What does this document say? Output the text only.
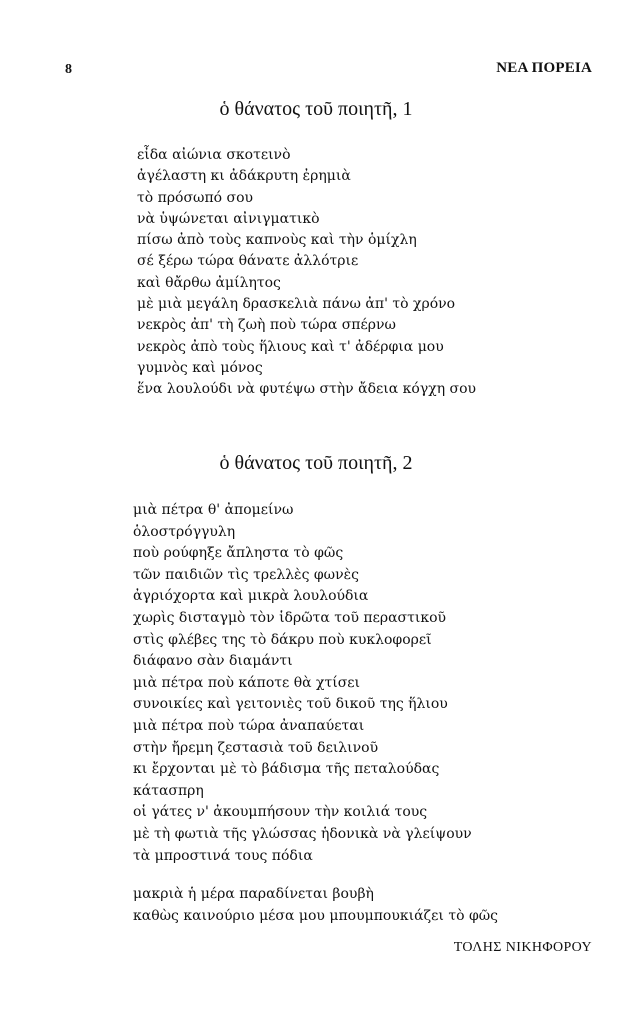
8	ΝΕΑ ΠΟΡΕΙΑ
ὁ θάνατος τοῦ ποιητῆ, 1
εἶδα αἰώνια σκοτεινὸ
ἀγέλαστη κι ἀδάκρυτη ἐρημιὰ
τὸ πρόσωπό σου
νὰ ὑψώνεται αἰνιγματικὸ
πίσω ἀπὸ τοὺς καπνοὺς καὶ τὴν ὁμίχλη
σέ ξέρω τώρα θάνατε ἀλλότριε
καὶ θἄρθω ἀμίλητος
μὲ μιὰ μεγάλη δρασκελιὰ πάνω ἀπ' τὸ χρόνο
νεκρὸς ἀπ' τὴ ζωὴ ποὺ τώρα σπέρνω
νεκρὸς ἀπὸ τοὺς ἥλιους καὶ τ' ἀδέρφια μου
γυμνὸς καὶ μόνος
ἕνα λουλούδι νὰ φυτέψω στὴν ἄδεια κόγχη σου
ὁ θάνατος τοῦ ποιητῆ, 2
μιὰ πέτρα θ' ἀπομείνω
ὁλοστρόγγυλη
ποὺ ρούφηξε ἄπληστα τὸ φῶς
τῶν παιδιῶν τὶς τρελλὲς φωνὲς
ἀγριόχορτα καὶ μικρὰ λουλούδια
χωρὶς δισταγμὸ τὸν ἱδρῶτα τοῦ περαστικοῦ
στὶς φλέβες της τὸ δάκρυ ποὺ κυκλοφορεῖ
διάφανο σὰν διαμάντι
μιὰ πέτρα ποὺ κάποτε θὰ χτίσει
συνοικίες καὶ γειτονιὲς τοῦ δικοῦ της ἥλιου
μιὰ πέτρα ποὺ τώρα ἀναπαύεται
στὴν ἤρεμη ζεστασιὰ τοῦ δειλινοῦ
κι ἔρχονται μὲ τὸ βάδισμα τῆς πεταλούδας
κάτασπρη
οἱ γάτες ν' ἀκουμπήσουν τὴν κοιλιά τους
μὲ τὴ φωτιὰ τῆς γλώσσας ἡδονικὰ νὰ γλείψουν
τὰ μπροστινά τους πόδια
μακριὰ ἡ μέρα παραδίνεται βουβὴ
καθὼς καινούριο μέσα μου μπουμπουκιάζει τὸ φῶς
ΤΟΛΗΣ ΝΙΚΗΦΟΡΟΥ
